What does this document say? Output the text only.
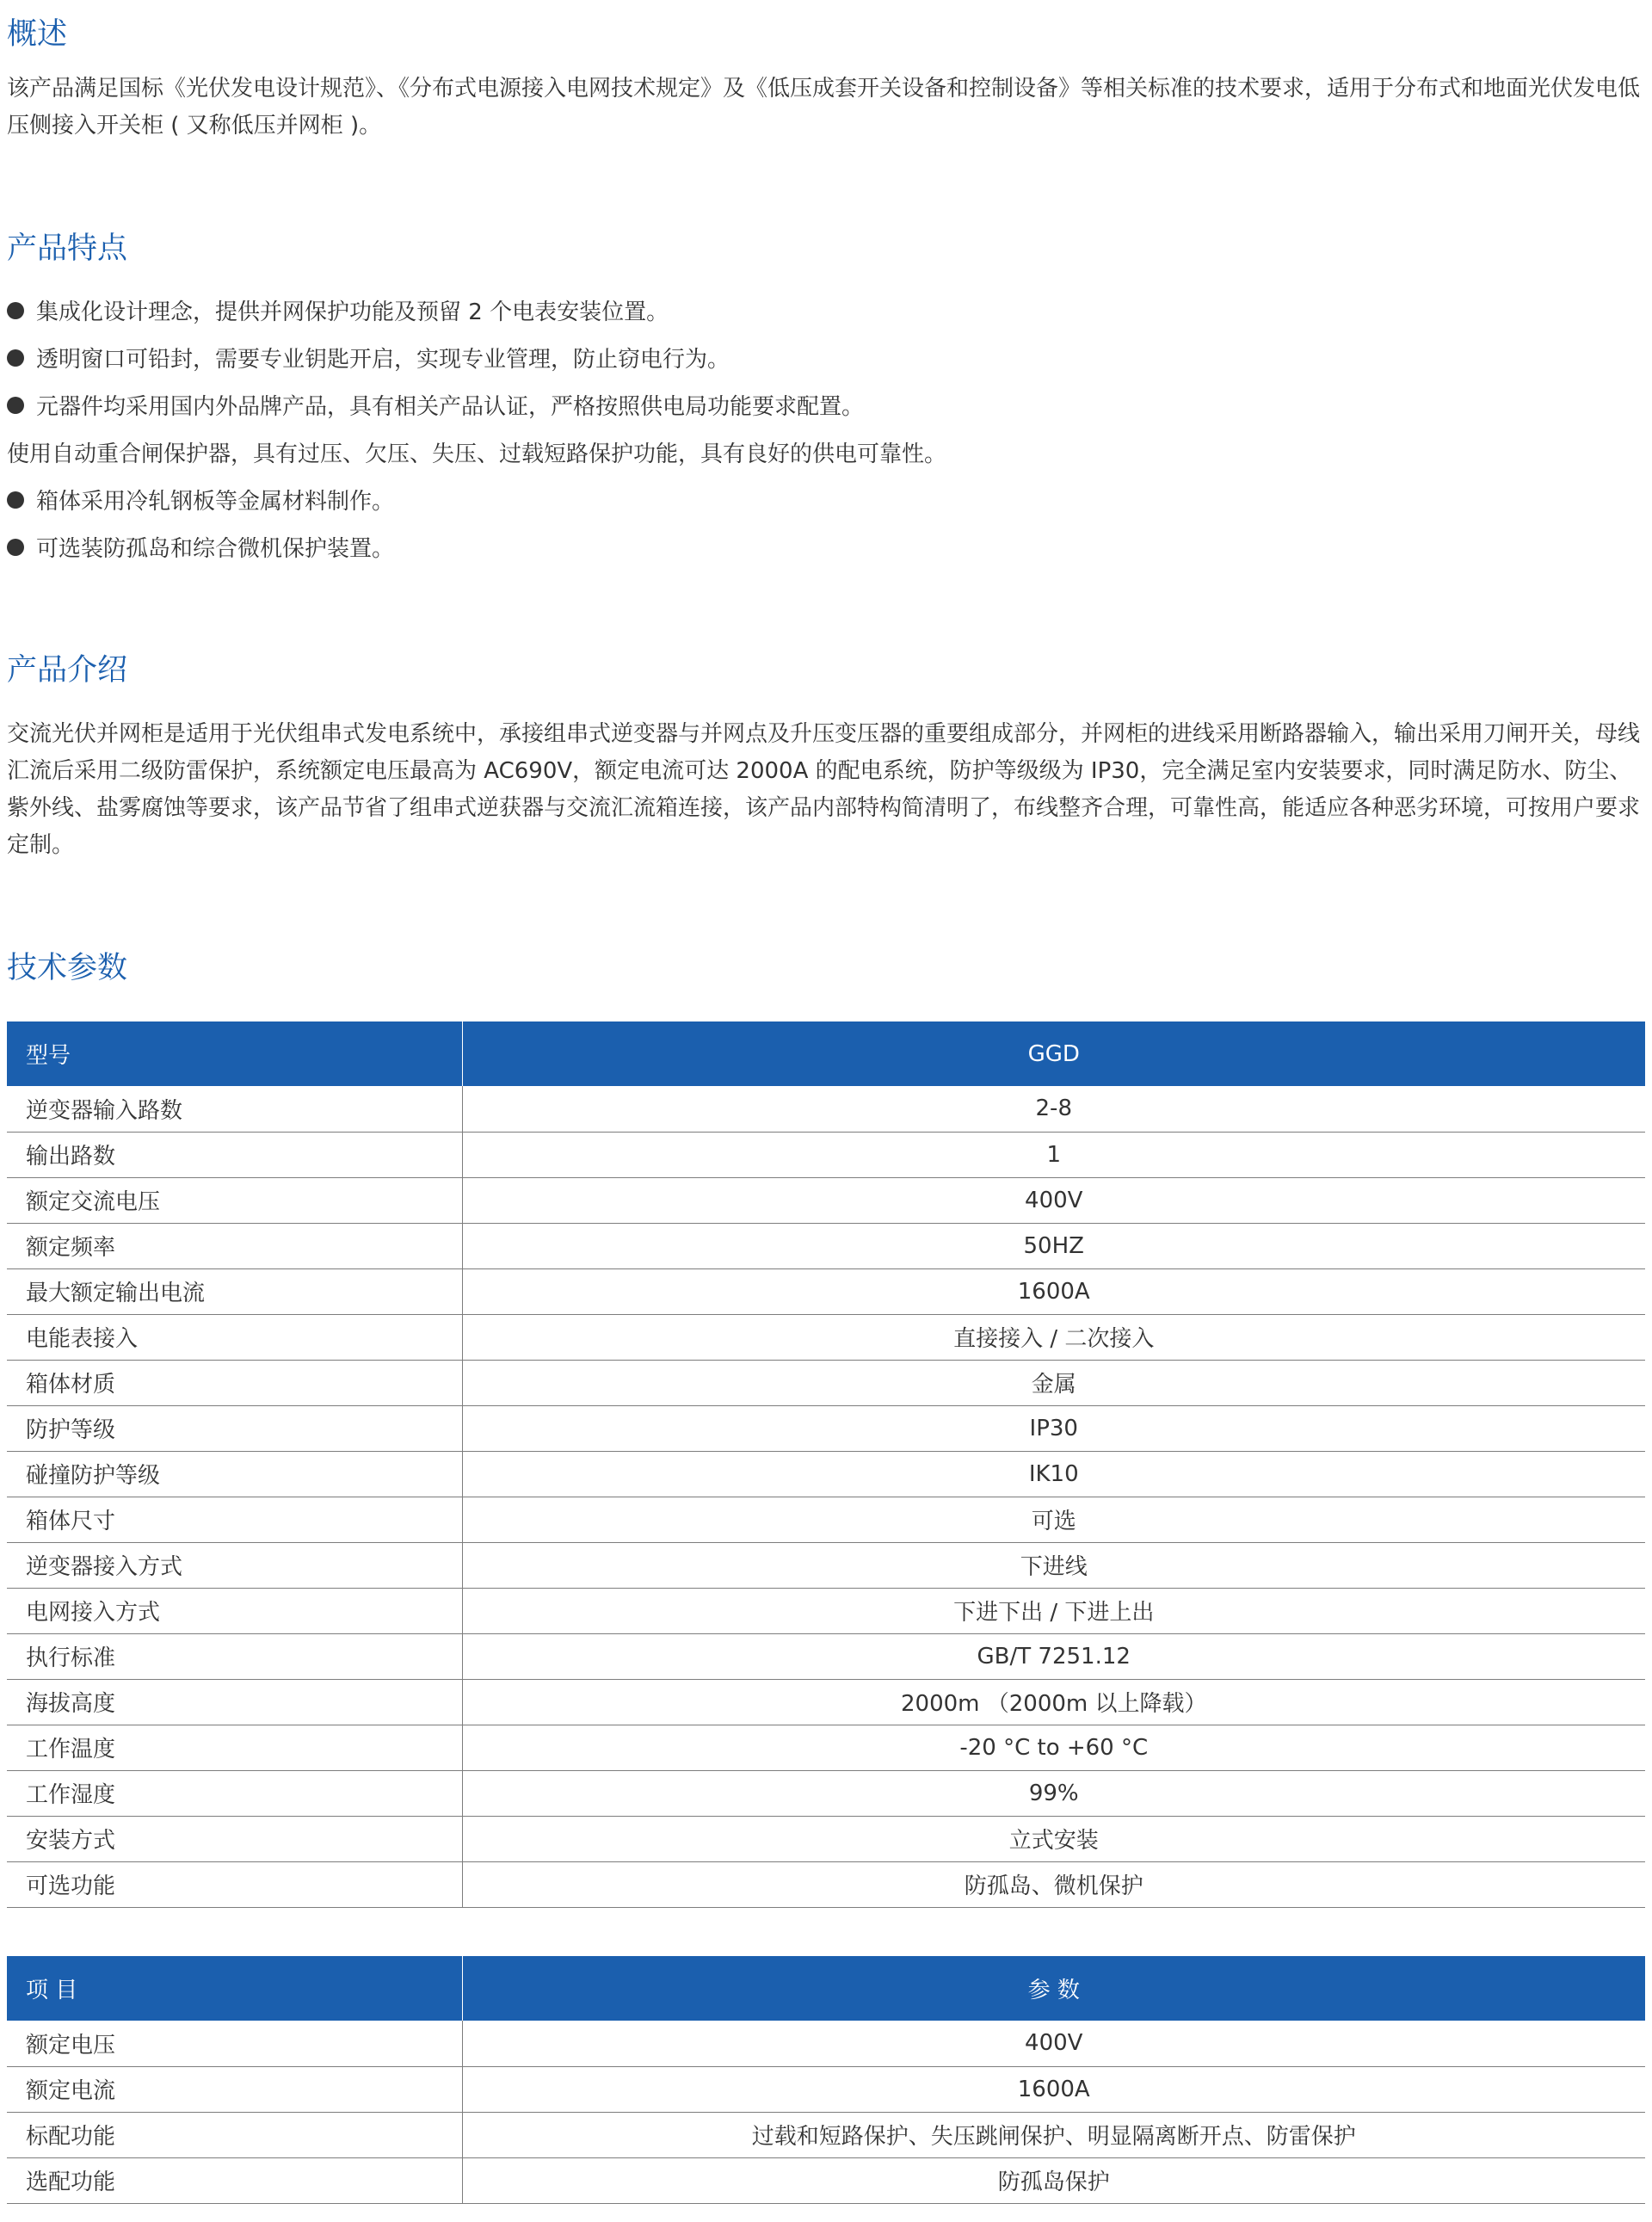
概述

该产品满足国标《光伏发电设计规范》、《分布式电源接入电网技术规定》及《低压成套开关设备和控制设备》等相关标准的技术要求，适用于分布式和地面光伏发电低压侧接入开关柜 ( 又称低压并网柜 )。

产品特点
集成化设计理念，提供并网保护功能及预留 2 个电表安装位置。
透明窗口可铅封，需要专业钥匙开启，实现专业管理，防止窃电行为。
元器件均采用国内外品牌产品，具有相关产品认证，严格按照供电局功能要求配置。
使用自动重合闸保护器，具有过压、欠压、失压、过载短路保护功能，具有良好的供电可靠性。
箱体采用冷轧钢板等金属材料制作。
可选装防孤岛和综合微机保护装置。
产品介绍

交流光伏并网柜是适用于光伏组串式发电系统中，承接组串式逆变器与并网点及升压变压器的重要组成部分，并网柜的进线采用断路器输入，输出采用刀闸开关，母线汇流后采用二级防雷保护，系统额定电压最高为 AC690V，额定电流可达 2000A 的配电系统，防护等级级为 IP30，完全满足室内安装要求，同时满足防水、防尘、紫外线、盐雾腐蚀等要求，该产品节省了组串式逆获器与交流汇流箱连接，该产品内部特构简清明了，布线整齐合理，可靠性高，能适应各种恶劣环境，可按用户要求定制。

技术参数
型号	GGD
逆变器输入路数	2-8
输出路数	1
额定交流电压	400V
额定频率	50HZ
最大额定输出电流	1600A
电能表接入	直接接入 / 二次接入
箱体材质	金属
防护等级	IP30
碰撞防护等级	IK10
箱体尺寸	可选
逆变器接入方式	下进线
电网接入方式	下进下出 / 下进上出
执行标准	GB/T 7251.12
海拔高度	2000m （2000m 以上降载）
工作温度	-20 °C to +60 °C
工作湿度	99%
安装方式	立式安装
可选功能	防孤岛、微机保护
项 目	参 数
额定电压	400V
额定电流	1600A
标配功能	过载和短路保护、失压跳闸保护、明显隔离断开点、防雷保护
选配功能	防孤岛保护
